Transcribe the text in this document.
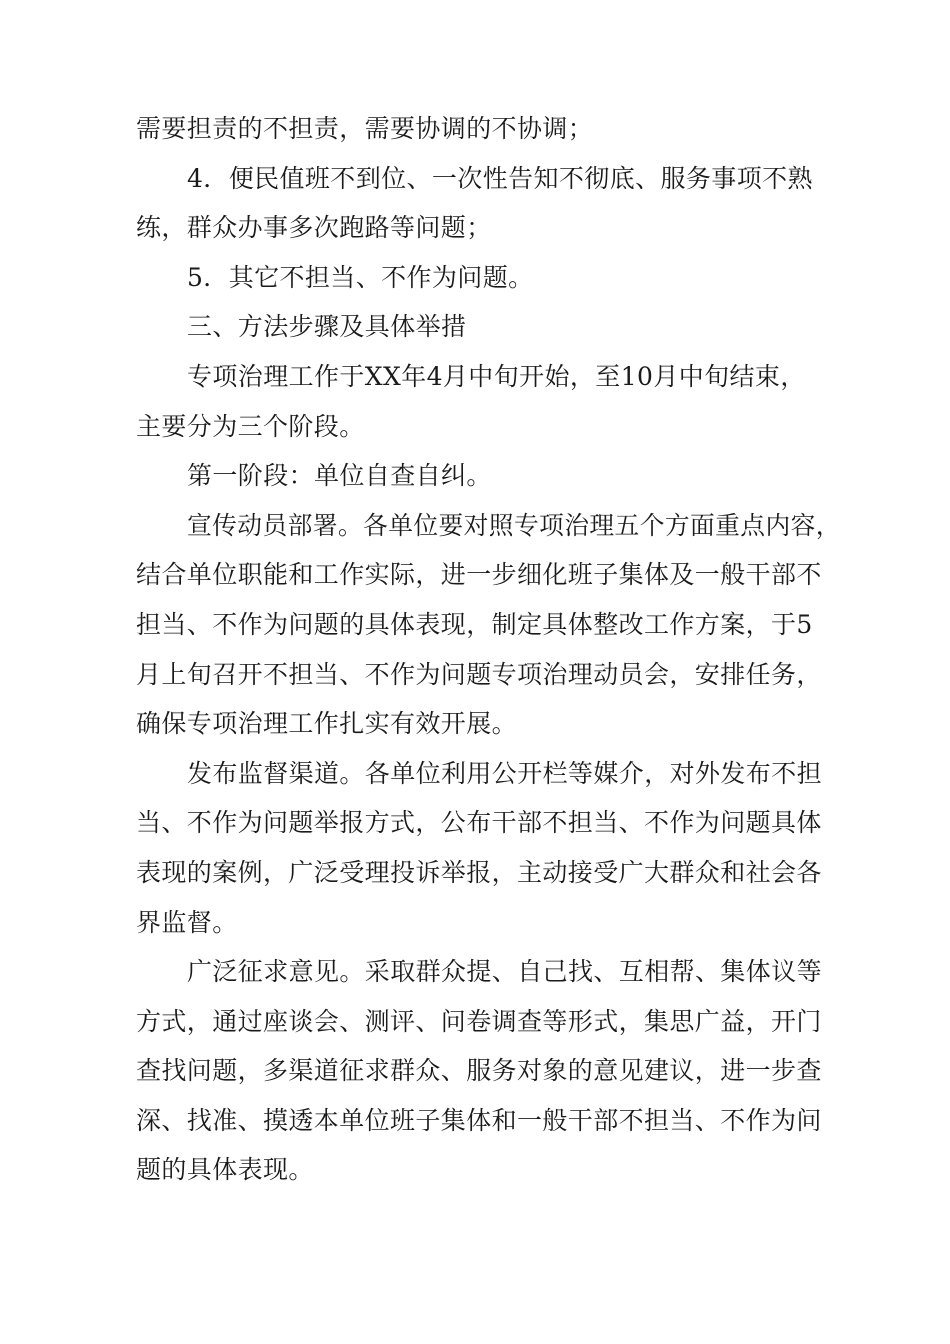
需要担责的不担责，需要协调的不协调；
4．便民值班不到位、一次性告知不彻底、服务事项不熟
练，群众办事多次跑路等问题；
5．其它不担当、不作为问题。
三、方法步骤及具体举措
专项治理工作于XX年4月中旬开始，至10月中旬结束，
主要分为三个阶段。
第一阶段：单位自查自纠。
宣传动员部署。各单位要对照专项治理五个方面重点内容，
结合单位职能和工作实际，进一步细化班子集体及一般干部不
担当、不作为问题的具体表现，制定具体整改工作方案，于5
月上旬召开不担当、不作为问题专项治理动员会，安排任务，
确保专项治理工作扎实有效开展。
发布监督渠道。各单位利用公开栏等媒介，对外发布不担
当、不作为问题举报方式，公布干部不担当、不作为问题具体
表现的案例，广泛受理投诉举报，主动接受广大群众和社会各
界监督。
广泛征求意见。采取群众提、自己找、互相帮、集体议等
方式，通过座谈会、测评、问卷调查等形式，集思广益，开门
查找问题，多渠道征求群众、服务对象的意见建议，进一步查
深、找准、摸透本单位班子集体和一般干部不担当、不作为问
题的具体表现。
